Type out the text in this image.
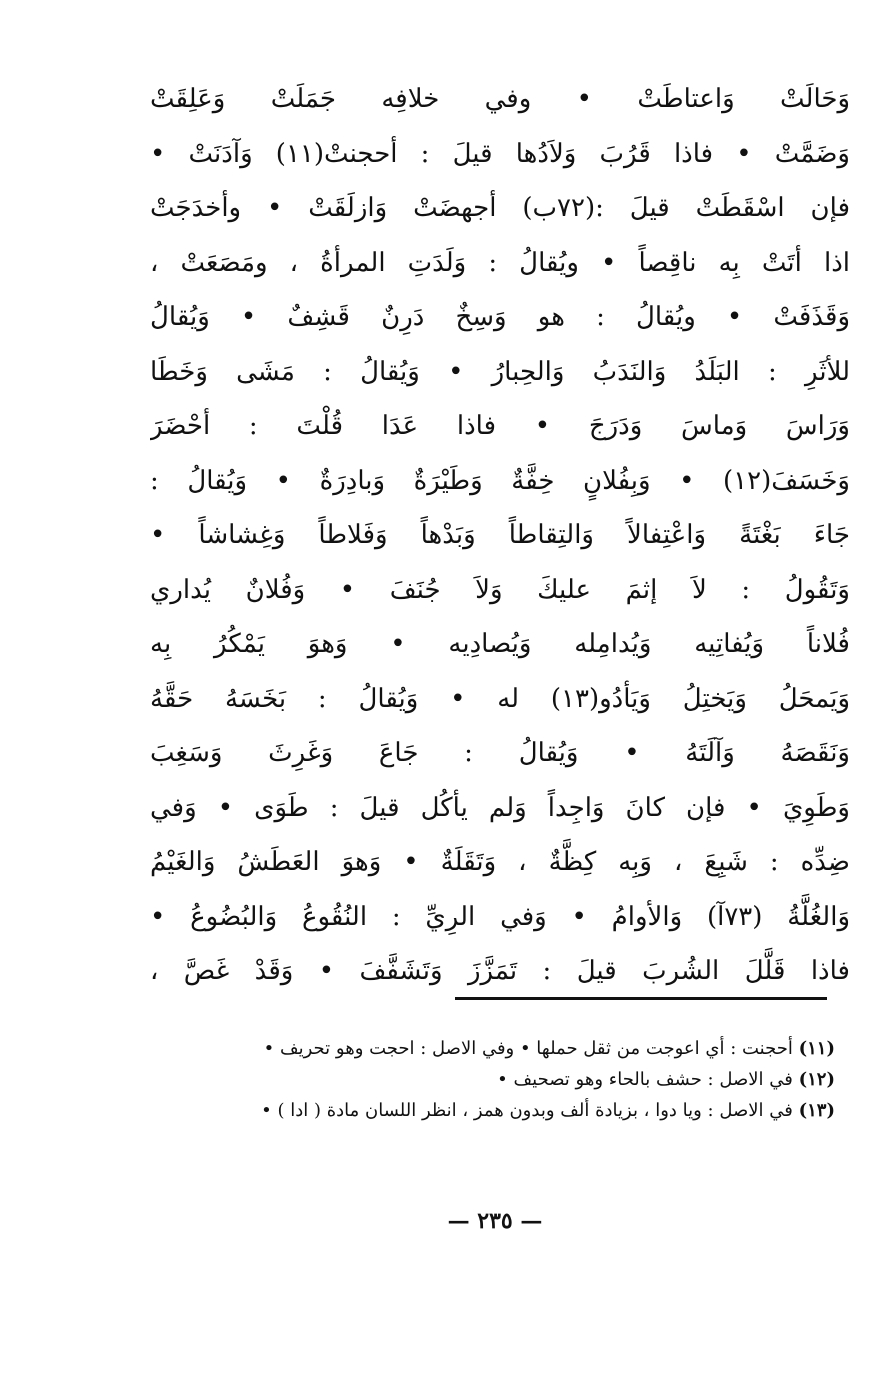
وَحَالَتْ وَاعتاطَتْ • وفي خلافِه جَمَلَتْ وَعَلِقَتْ
وَضَمَّتْ • فاذا قَرُبَ وَلاَدُها قيلَ : أحجنتْ(١١) وَآدَنَتْ •
فإن اسْقَطَتْ قيلَ :(٧٢ب) أجهضَتْ وَازلَقَتْ • وأخدَجَتْ
اذا أتَتْ بِه ناقِصاً • ويُقالُ : وَلَدَتِ المرأةُ ، ومَصَعَتْ ،
وَقَذَفَتْ • ويُقالُ : هو وَسِخٌ دَرِنٌ قَشِفٌ • وَيُقالُ
للأثَرِ : البَلَدُ وَالنَدَبُ وَالحِبارُ • وَيُقالُ : مَشَى وَخَطَا
وَرَاسَ وَماسَ وَدَرَجَ • فاذا عَدَا قُلْتَ : أحْضَرَ
وَخَسَفَ(١٢) • وَبِفُلانٍ خِفَّةٌ وَطَيْرَةٌ وَبادِرَةٌ • وَيُقالُ :
جَاءَ بَغْتَةً وَاعْتِفالاً وَالتِقاطاً وَبَدْهاً وَفَلاطاً وَغِشاشاً •
وَتَقُولُ : لاَ إثمَ عليكَ وَلاَ جُنَفَ • وَفُلانٌ يُداري
فُلاناً وَيُفاتِيه وَيُدامِله وَيُصادِيه • وَهوَ يَمْكُرُ بِه
وَيَمحَلُ وَيَختِلُ وَيَأدُو(١٣) له • وَيُقالُ : بَخَسَهُ حَقَّهُ
وَنَقَصَهُ وَآلَتَهُ • وَيُقالُ : جَاعَ وَغَرِثَ وَسَغِبَ
وَطَوِيَ • فإن كانَ وَاجِداً وَلم يأكُل قيلَ : طَوَى • وَفي
ضِدِّه : شَبِعَ ، وَبِه كِظَّةٌ ، وَتَقَلَةٌ • وَهوَ العَطَشُ وَالغَيْمُ
وَالغُلَّةُ (٧٣آ) وَالأوامُ • وَفي الرِيِّ : النُقُوعُ وَالبُضُوعُ •
فاذا قَلَّلَ الشُربَ قيلَ : تَمَزَّزَ وَتَشَفَّفَ • وَقَدْ غَصَّ ،

(١١) أحجنت : أي اعوجت من ثقل حملها • وفي الاصل : احجت وهو تحريف •

(١٢) في الاصل : حشف بالحاء وهو تصحيف •

(١٣) في الاصل : ويا دوا ، بزيادة ألف وبدون همز ، انظر اللسان مادة ( ادا ) •

— ٢٣٥ —
